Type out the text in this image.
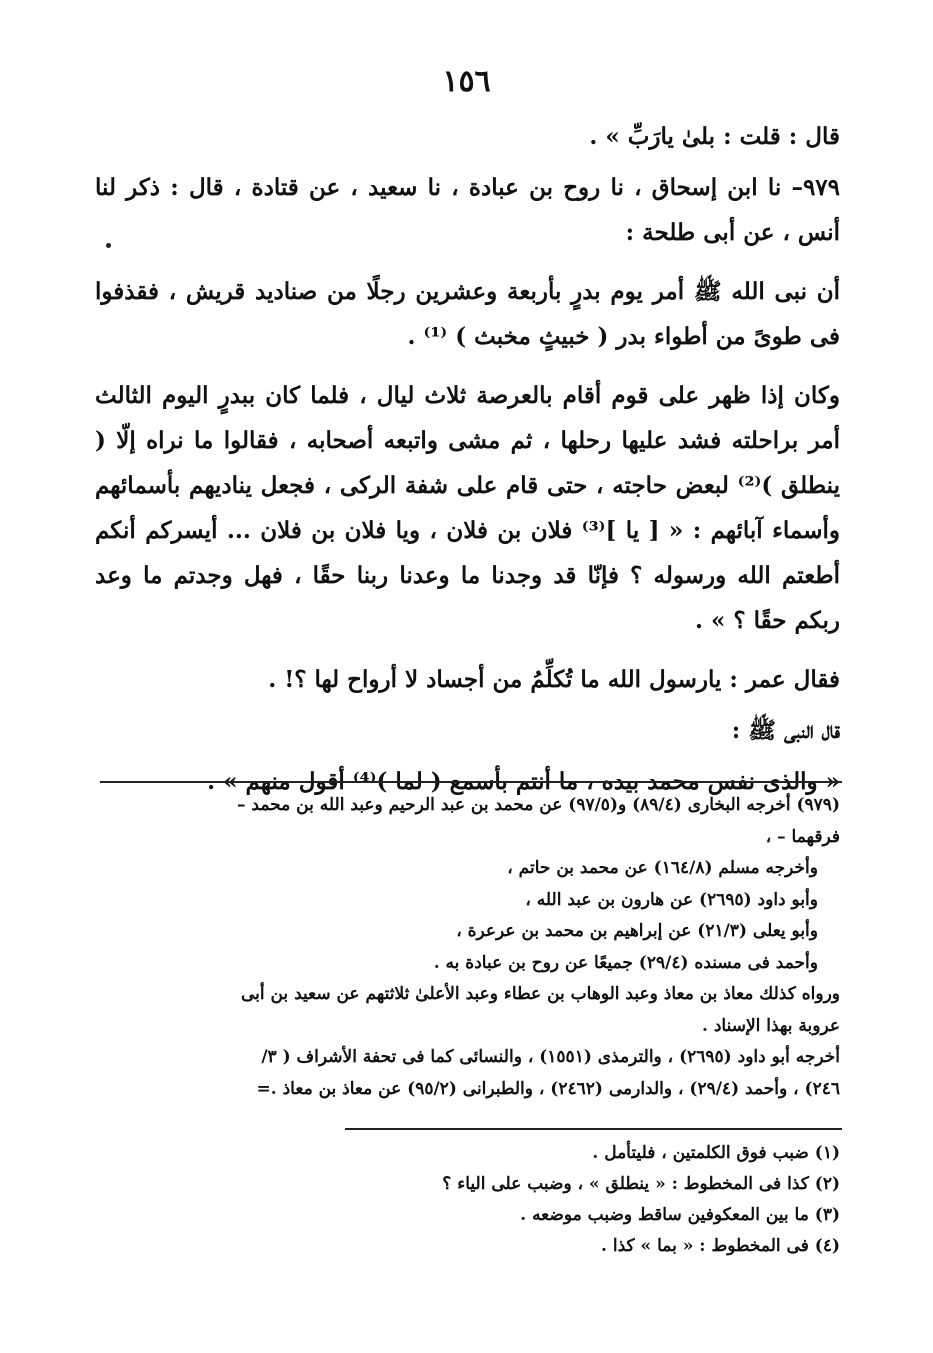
١٥٦

قال : قلت : بلىٰ يارَبِّ » .

٩٧٩– نا ابن إسحاق ، نا روح بن عبادة ، نا سعيد ، عن قتادة ، قال : ذكر لنا أنس ، عن أبى طلحة :

أن نبى الله ﷺ أمر يوم بدرٍ بأربعة وعشرين رجلًا من صناديد قريش ، فقذفوا فى طوىً من أطواء بدر ( خبيثٍ مخبث ) ⁽¹⁾ .

وكان إذا ظهر على قوم أقام بالعرصة ثلاث ليال ، فلما كان ببدرٍ اليوم الثالث أمر براحلته فشد عليها رحلها ، ثم مشى واتبعه أصحابه ، فقالوا ما نراه إلّا ( ينطلق )⁽²⁾ لبعض حاجته ، حتى قام على شفة الركى ، فجعل يناديهم بأسمائهم وأسماء آبائهم : « [ يا ]⁽³⁾ فلان بن فلان ، ويا فلان بن فلان ... أيسركم أنكم أطعتم الله ورسوله ؟ فإنّا قد وجدنا ما وعدنا ربنا حقًا ، فهل وجدتم ما وعد ربكم حقًا ؟ » .

فقال عمر : يارسول الله ما تُكلِّمُ من أجساد لا أرواح لها ؟! .

قال النبى ﷺ :

« والذى نفس محمد بيده ، ما أنتم بأسمع ( لما )⁽⁴⁾ أقول منهم » .

(٩٧٩) أخرجه البخارى (٨٩/٤) و(٩٧/٥) عن محمد بن عبد الرحيم وعبد الله بن محمد –

فرقهما – ،

وأخرجه مسلم (١٦٤/٨) عن محمد بن حاتم ،

وأبو داود (٢٦٩٥) عن هارون بن عبد الله ،

وأبو يعلى (٢١/٣) عن إبراهيم بن محمد بن عرعرة ،

وأحمد فى مسنده (٢٩/٤) جميعًا عن روح بن عبادة به .

ورواه كذلك معاذ بن معاذ وعبد الوهاب بن عطاء وعبد الأعلىٰ ثلاثتهم عن سعيد بن أبى

عروبة بهذا الإسناد .

أخرجه أبو داود (٢٦٩٥) ، والترمذى (١٥٥١) ، والنسائى كما فى تحفة الأشراف ( ٣/

٢٤٦) ، وأحمد (٢٩/٤) ، والدارمى (٢٤٦٢) ، والطبرانى (٩٥/٢) عن معاذ بن معاذ .=

(١) ضبب فوق الكلمتين ، فليتأمل .

(٢) كذا فى المخطوط : « ينطلق » ، وضبب على الياء ؟

(٣) ما بين المعكوفين ساقط وضبب موضعه .

(٤) فى المخطوط : « بما » كذا .
